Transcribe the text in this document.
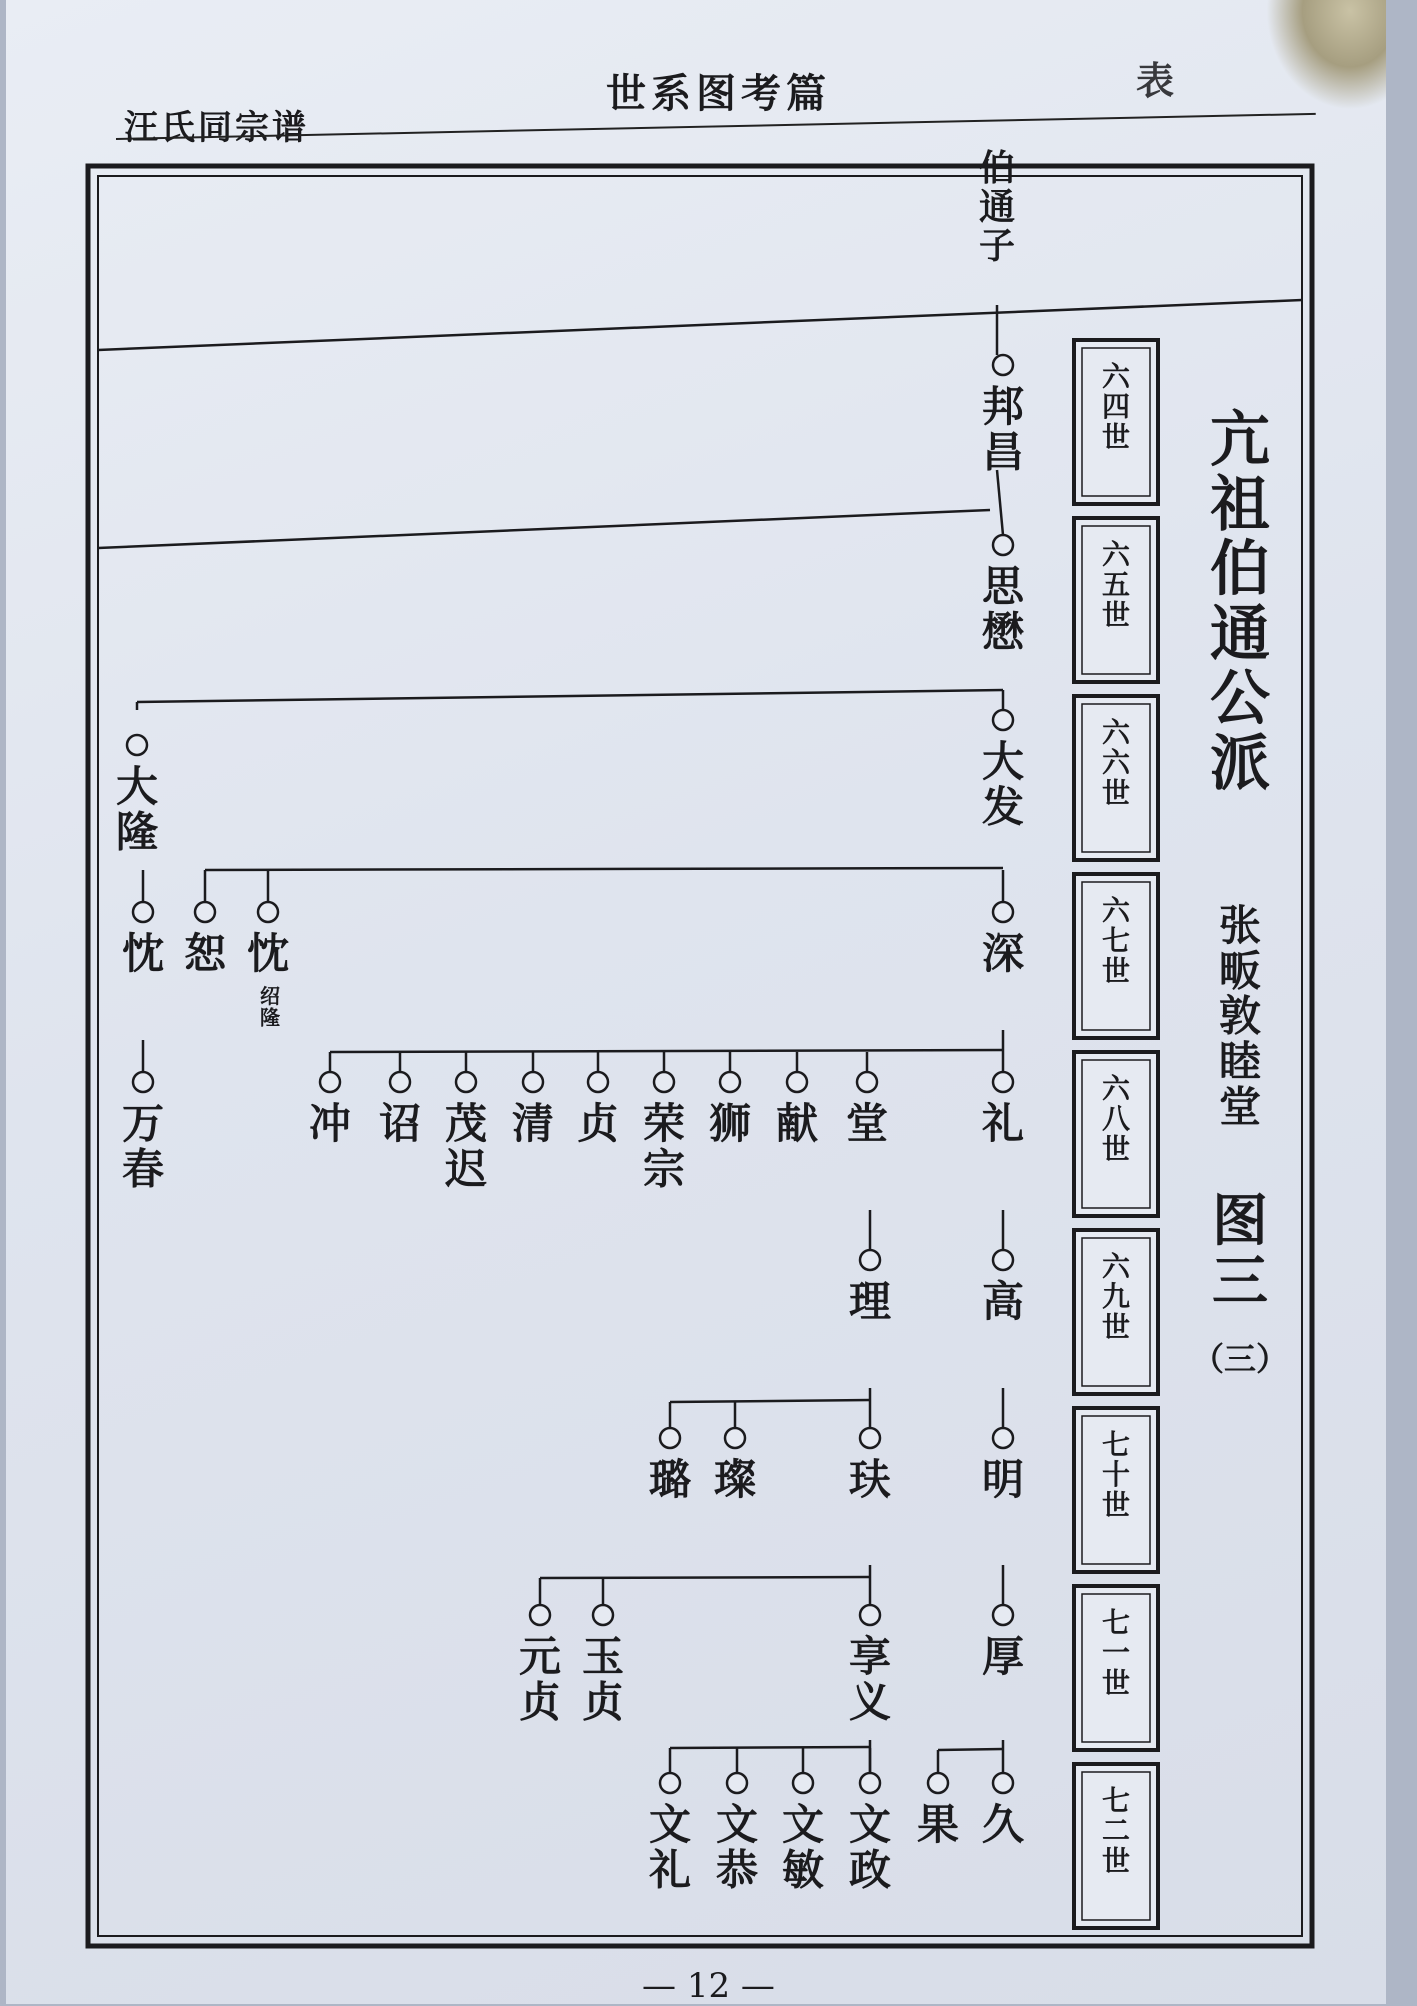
汪氏同宗谱
世系图考篇	表
伯
通
子
邦
昌
思
懋
大
发
大
隆
深
恕 忱
绍
隆
忱
冲 诏 茂
迟
清 贞 荣
宗
狮 献 堂 礼
万
春
高
理
明
玞
璐 璨
厚
享
义
元
贞
玉
贞
久
果
文
礼
文
恭
文
敏
文
政
六
四
世
六
五
世
六
六
世
六
七
世
六
八
世
六
九
世
七
十
世
七
一
世
七
二
世
亢
祖
伯
通
公
派
张
畈
敦
睦
堂
图
三
（三）
— 12 —
